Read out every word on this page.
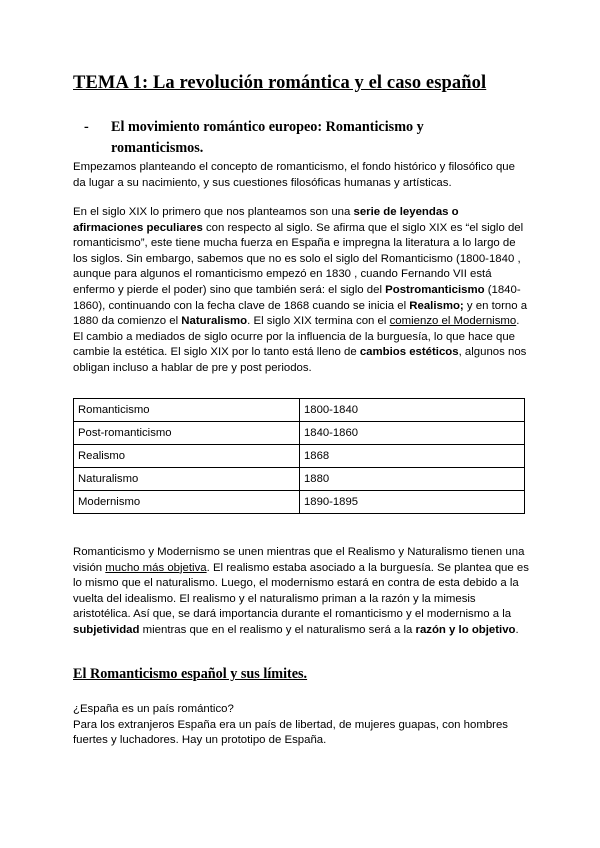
TEMA 1: La revolución romántica y el caso español
-	El movimiento romántico europeo: Romanticismo y romanticismos.

Empezamos planteando el concepto de romanticismo, el fondo histórico y filosófico que da lugar a su nacimiento, y sus cuestiones filosóficas humanas y artísticas.

En el siglo XIX lo primero que nos planteamos son una serie de leyendas o afirmaciones peculiares con respecto al siglo. Se afirma que el siglo XIX es “el siglo del romanticismo”, este tiene mucha fuerza en España e impregna la literatura a lo largo de los siglos. Sin embargo, sabemos que no es solo el siglo del Romanticismo (1800-1840 , aunque para algunos el romanticismo empezó en 1830 , cuando Fernando VII está enfermo y pierde el poder) sino que también será: el siglo del Postromanticismo (1840-1860), continuando con la fecha clave de 1868 cuando se inicia el Realismo; y en torno a 1880 da comienzo el Naturalismo. El siglo XIX termina con el comienzo el Modernismo. El cambio a mediados de siglo ocurre por la influencia de la burguesía, lo que hace que cambie la estética. El siglo XIX por lo tanto está lleno de cambios estéticos, algunos nos obligan incluso a hablar de pre y post periodos.

Romanticismo	1800-1840
Post-romanticismo	1840-1860
Realismo	1868
Naturalismo	1880
Modernismo	1890-1895

Romanticismo y Modernismo se unen mientras que el Realismo y Naturalismo tienen una visión mucho más objetiva. El realismo estaba asociado a la burguesía. Se plantea que es lo mismo que el naturalismo. Luego, el modernismo estará en contra de esta debido a la vuelta del idealismo. El realismo y el naturalismo priman a la razón y la mimesis aristotélica. Así que, se dará importancia durante el romanticismo y el modernismo a la subjetividad mientras que en el realismo y el naturalismo será a la razón y lo objetivo.

El Romanticismo español y sus límites.
¿España es un país romántico?
Para los extranjeros España era un país de libertad, de mujeres guapas, con hombres fuertes y luchadores. Hay un prototipo de España.
